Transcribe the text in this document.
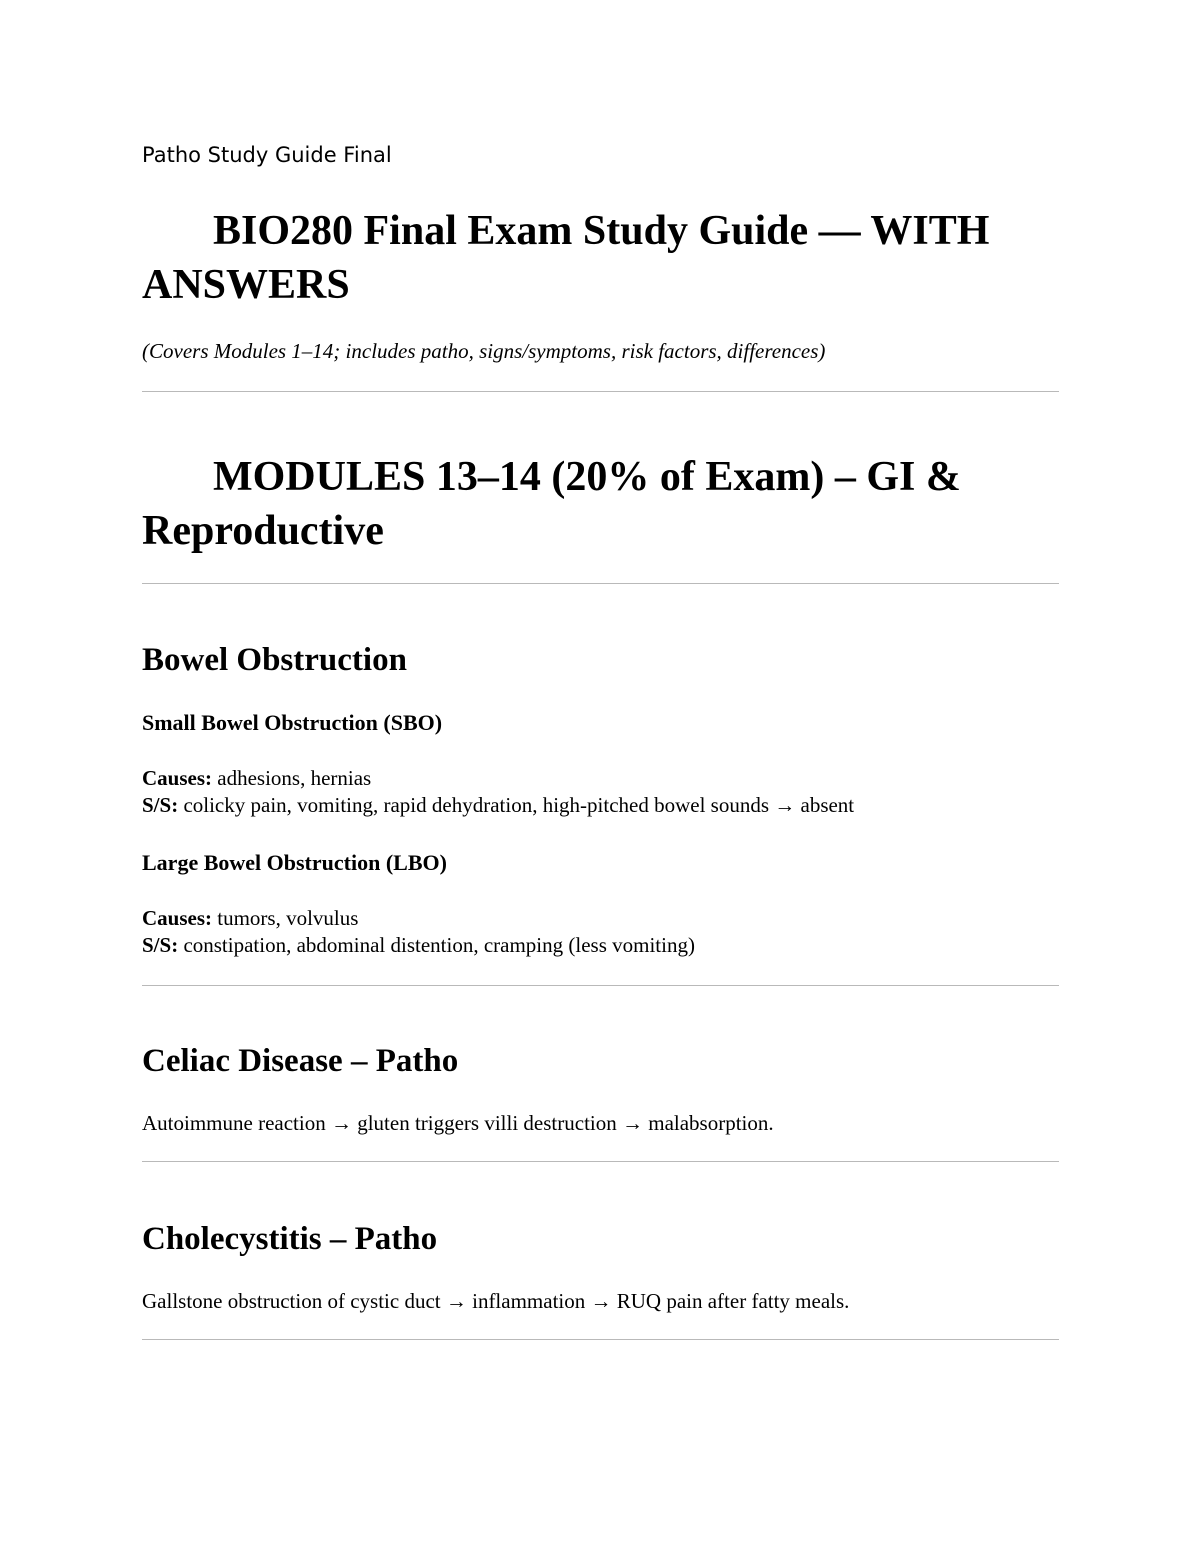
Patho Study Guide Final
BIO280 Final Exam Study Guide — WITH ANSWERS
(Covers Modules 1–14; includes patho, signs/symptoms, risk factors, differences)
MODULES 13–14 (20% of Exam) – GI & Reproductive
Bowel Obstruction
Small Bowel Obstruction (SBO)
Causes: adhesions, hernias
S/S: colicky pain, vomiting, rapid dehydration, high-pitched bowel sounds → absent
Large Bowel Obstruction (LBO)
Causes: tumors, volvulus
S/S: constipation, abdominal distention, cramping (less vomiting)
Celiac Disease – Patho
Autoimmune reaction → gluten triggers villi destruction → malabsorption.
Cholecystitis – Patho
Gallstone obstruction of cystic duct → inflammation → RUQ pain after fatty meals.
